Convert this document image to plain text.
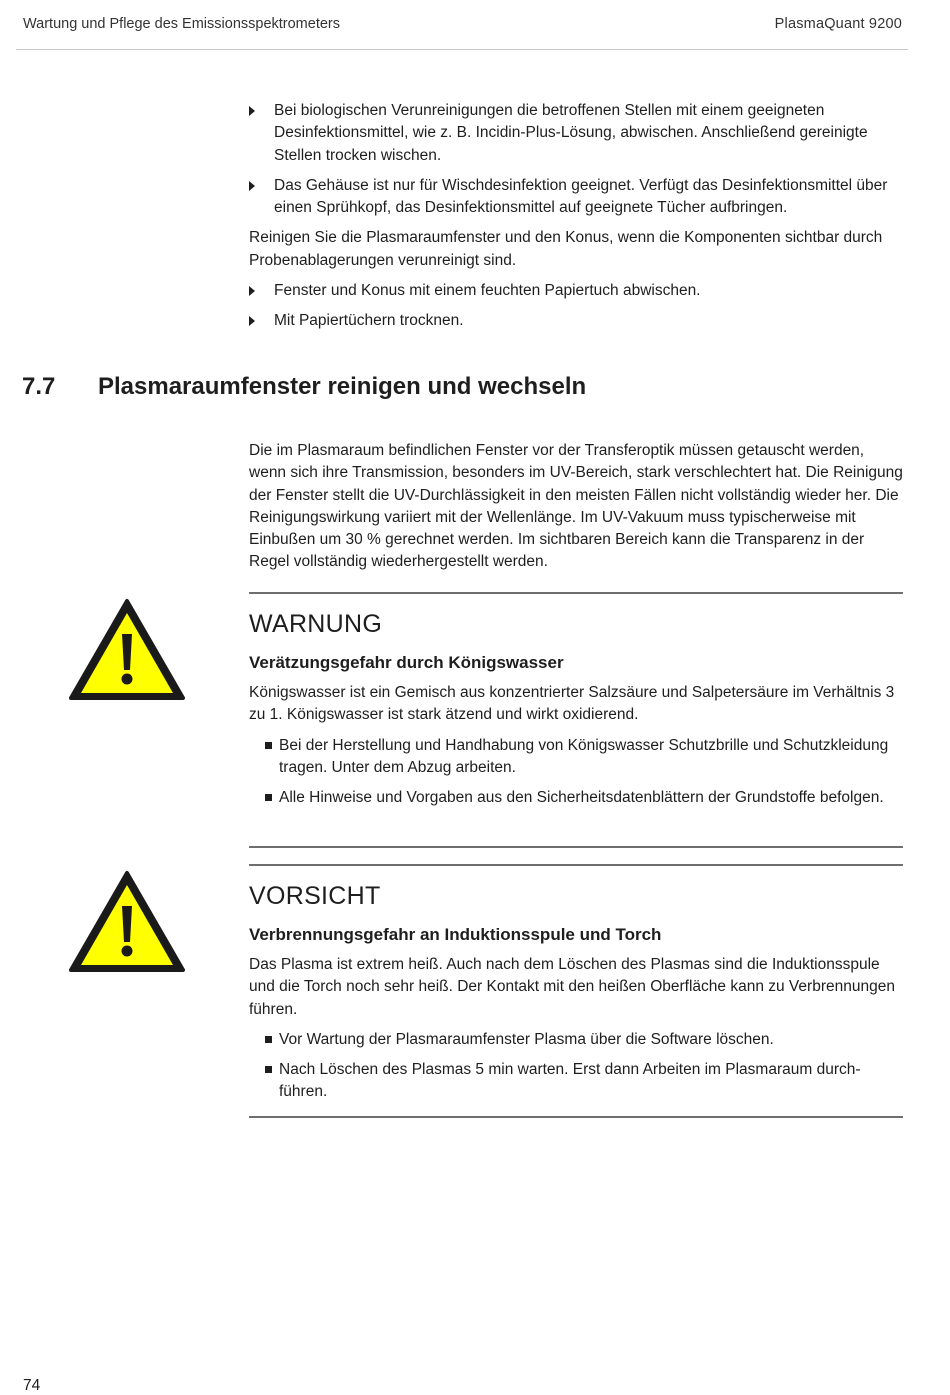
Wartung und Pflege des Emissionsspektrometers	PlasmaQuant 9200
Bei biologischen Verunreinigungen die betroffenen Stellen mit einem geeigneten Desinfektionsmittel, wie z. B. Incidin-Plus-Lösung, abwischen. Anschließend gereinigte Stellen trocken wischen.
Das Gehäuse ist nur für Wischdesinfektion geeignet. Verfügt das Desinfektionsmittel über einen Sprühkopf, das Desinfektionsmittel auf geeignete Tücher aufbringen.

Reinigen Sie die Plasmaraumfenster und den Konus, wenn die Komponenten sichtbar durch Probenablagerungen verunreinigt sind.

Fenster und Konus mit einem feuchten Papiertuch abwischen.
Mit Papiertüchern trocknen.
7.7 Plasmaraumfenster reinigen und wechseln

Die im Plasmaraum befindlichen Fenster vor der Transferoptik müssen getauscht werden, wenn sich ihre Transmission, besonders im UV-Bereich, stark verschlechtert hat. Die Reinigung der Fenster stellt die UV-Durchlässigkeit in den meisten Fällen nicht vollständig wieder her. Die Reinigungswirkung variiert mit der Wellenlänge. Im UV-Vakuum muss typischerweise mit Einbußen um 30 % gerechnet werden. Im sichtbaren Bereich kann die Transparenz in der Regel vollständig wiederhergestellt werden.

WARNUNG
Verätzungsgefahr durch Königswasser

Königswasser ist ein Gemisch aus konzentrierter Salzsäure und Salpetersäure im Verhältnis 3 zu 1. Königswasser ist stark ätzend und wirkt oxidierend.

Bei der Herstellung und Handhabung von Königswasser Schutzbrille und Schutzkleidung tragen. Unter dem Abzug arbeiten.
Alle Hinweise und Vorgaben aus den Sicherheitsdatenblättern der Grundstoffe befolgen.
VORSICHT
Verbrennungsgefahr an Induktionsspule und Torch

Das Plasma ist extrem heiß. Auch nach dem Löschen des Plasmas sind die Induktionsspule und die Torch noch sehr heiß. Der Kontakt mit den heißen Oberfläche kann zu Verbrennungen führen.

Vor Wartung der Plasmaraumfenster Plasma über die Software löschen.
Nach Löschen des Plasmas 5 min warten. Erst dann Arbeiten im Plasmaraum durchführen.
74
